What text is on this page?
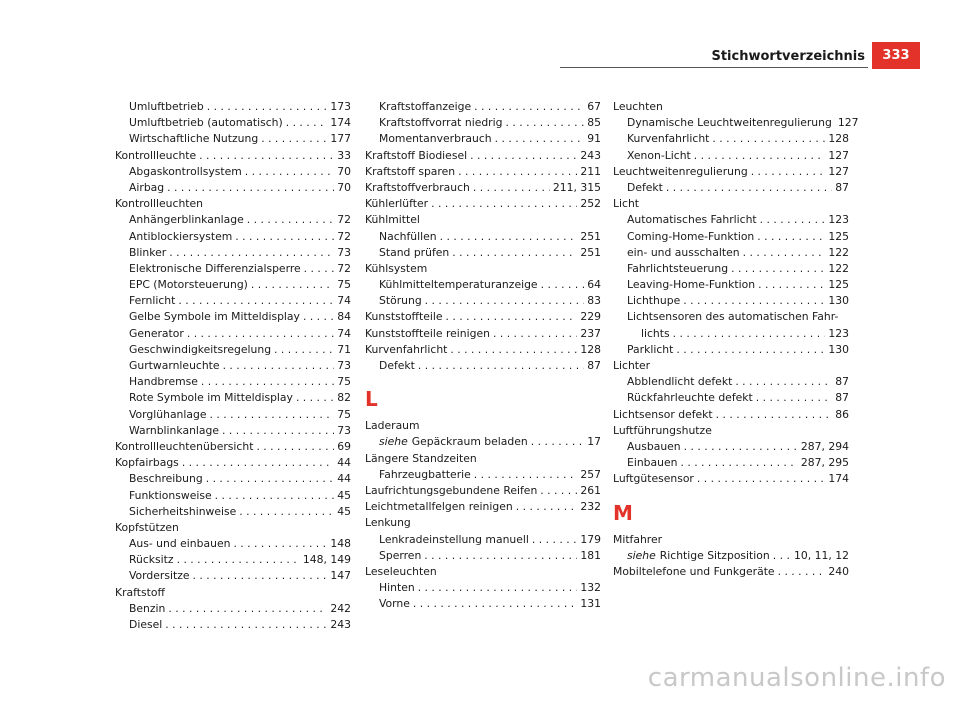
Stichwortverzeichnis	333
Umluftbetrieb . . .	173
Umluftbetrieb (automatisch) . . .	174
Wirtschaftliche Nutzung . . .	177
Kontrollleuchte . . .	33
Abgaskontrollsystem . . .	70
Airbag . . .	70
Kontrollleuchten
Anhängerblinkanlage . . .	72
Antiblockiersystem . . .	72
Blinker . . .	73
Elektronische Differenzialsperre . . .	72
EPC (Motorsteuerung) . . .	75
Fernlicht . . .	74
Gelbe Symbole im Mitteldisplay . . .	84
Generator . . .	74
Geschwindigkeitsregelung . . .	71
Gurtwarnleuchte . . .	73
Handbremse . . .	75
Rote Symbole im Mitteldisplay . . .	82
Vorglühanlage . . .	75
Warnblinkanlage . . .	73
Kontrollleuchtenübersicht . . .	69
Kopfairbags . . .	44
Beschreibung . . .	44
Funktionsweise . . .	45
Sicherheitshinweise . . .	45
Kopfstützen
Aus- und einbauen . . .	148
Rücksitz . . .	148, 149
Vordersitze . . .	147
Kraftstoff
Benzin . . .	242
Diesel . . .	243
Kraftstoffanzeige . . .	67
Kraftstoffvorrat niedrig . . .	85
Momentanverbrauch . . .	91
Kraftstoff Biodiesel . . .	243
Kraftstoff sparen . . .	211
Kraftstoffverbrauch . . .	211, 315
Kühlerlüfter . . .	252
Kühlmittel
Nachfüllen . . .	251
Stand prüfen . . .	251
Kühlsystem
Kühlmitteltemperaturanzeige . . .	64
Störung . . .	83
Kunststoffteile . . .	229
Kunststoffteile reinigen . . .	237
Kurvenfahrlicht . . .	128
Defekt . . .	87
L
Laderaum
siehe Gepäckraum beladen . . .	17
Längere Standzeiten
Fahrzeugbatterie . . .	257
Laufrichtungsgebundene Reifen . . .	261
Leichtmetallfelgen reinigen . . .	232
Lenkung
Lenkradeinstellung manuell . . .	179
Sperren . . .	181
Leseleuchten
Hinten . . .	132
Vorne . . .	131
Leuchten
Dynamische Leuchtweitenregulierung 127
Kurvenfahrlicht . . .	128
Xenon-Licht . . .	127
Leuchtweitenregulierung . . .	127
Defekt . . .	87
Licht
Automatisches Fahrlicht . . .	123
Coming-Home-Funktion . . .	125
ein- und ausschalten . . .	122
Fahrlichtsteuerung . . .	122
Leaving-Home-Funktion . . .	125
Lichthupe . . .	130
Lichtsensoren des automatischen Fahr-
lichts . . .	123
Parklicht . . .	130
Lichter
Abblendlicht defekt . . .	87
Rückfahrleuchte defekt . . .	87
Lichtsensor defekt . . .	86
Luftführungshutze
Ausbauen . . .	287, 294
Einbauen . . .	287, 295
Luftgütesensor . . .	174
M
Mitfahrer
siehe Richtige Sitzposition . . . 10, 11, 12
Mobiltelefone und Funkgeräte . . .	240
carmanualsonline.info
